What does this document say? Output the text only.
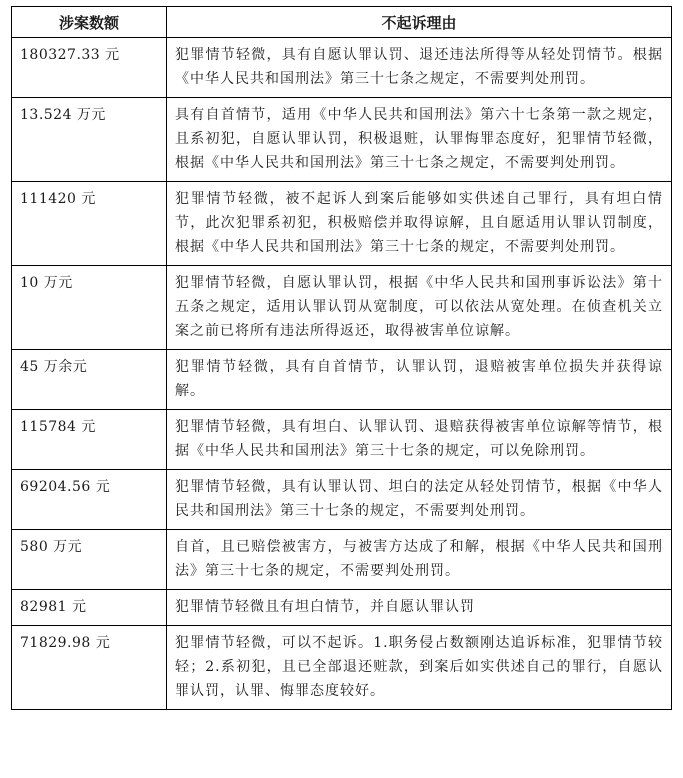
涉案数额	不起诉理由
180327.33 元	犯罪情节轻微，具有自愿认罪认罚、退还违法所得等从轻处罚情节。根据《中华人民共和国刑法》第三十七条之规定，不需要判处刑罚。
13.524 万元	具有自首情节，适用《中华人民共和国刑法》第六十七条第一款之规定，且系初犯，自愿认罪认罚，积极退赃，认罪悔罪态度好，犯罪情节轻微，根据《中华人民共和国刑法》第三十七条之规定，不需要判处刑罚。
111420 元	犯罪情节轻微，被不起诉人到案后能够如实供述自己罪行，具有坦白情节，此次犯罪系初犯，积极赔偿并取得谅解，且自愿适用认罪认罚制度，根据《中华人民共和国刑法》第三十七条的规定，不需要判处刑罚。
10 万元	犯罪情节轻微，自愿认罪认罚，根据《中华人民共和国刑事诉讼法》第十五条之规定，适用认罪认罚从宽制度，可以依法从宽处理。在侦查机关立案之前已将所有违法所得返还，取得被害单位谅解。
45 万余元	犯罪情节轻微，具有自首情节，认罪认罚，退赔被害单位损失并获得谅解。
115784 元	犯罪情节轻微，具有坦白、认罪认罚、退赔获得被害单位谅解等情节，根据《中华人民共和国刑法》第三十七条的规定，可以免除刑罚。
69204.56 元	犯罪情节轻微，具有认罪认罚、坦白的法定从轻处罚情节，根据《中华人民共和国刑法》第三十七条的规定，不需要判处刑罚。
580 万元	自首，且已赔偿被害方，与被害方达成了和解，根据《中华人民共和国刑法》第三十七条的规定，不需要判处刑罚。
82981 元	犯罪情节轻微且有坦白情节，并自愿认罪认罚
71829.98 元	犯罪情节轻微，可以不起诉。1.职务侵占数额刚达追诉标准，犯罪情节较轻；2.系初犯，且已全部退还赃款，到案后如实供述自己的罪行，自愿认罪认罚，认罪、悔罪态度较好。
